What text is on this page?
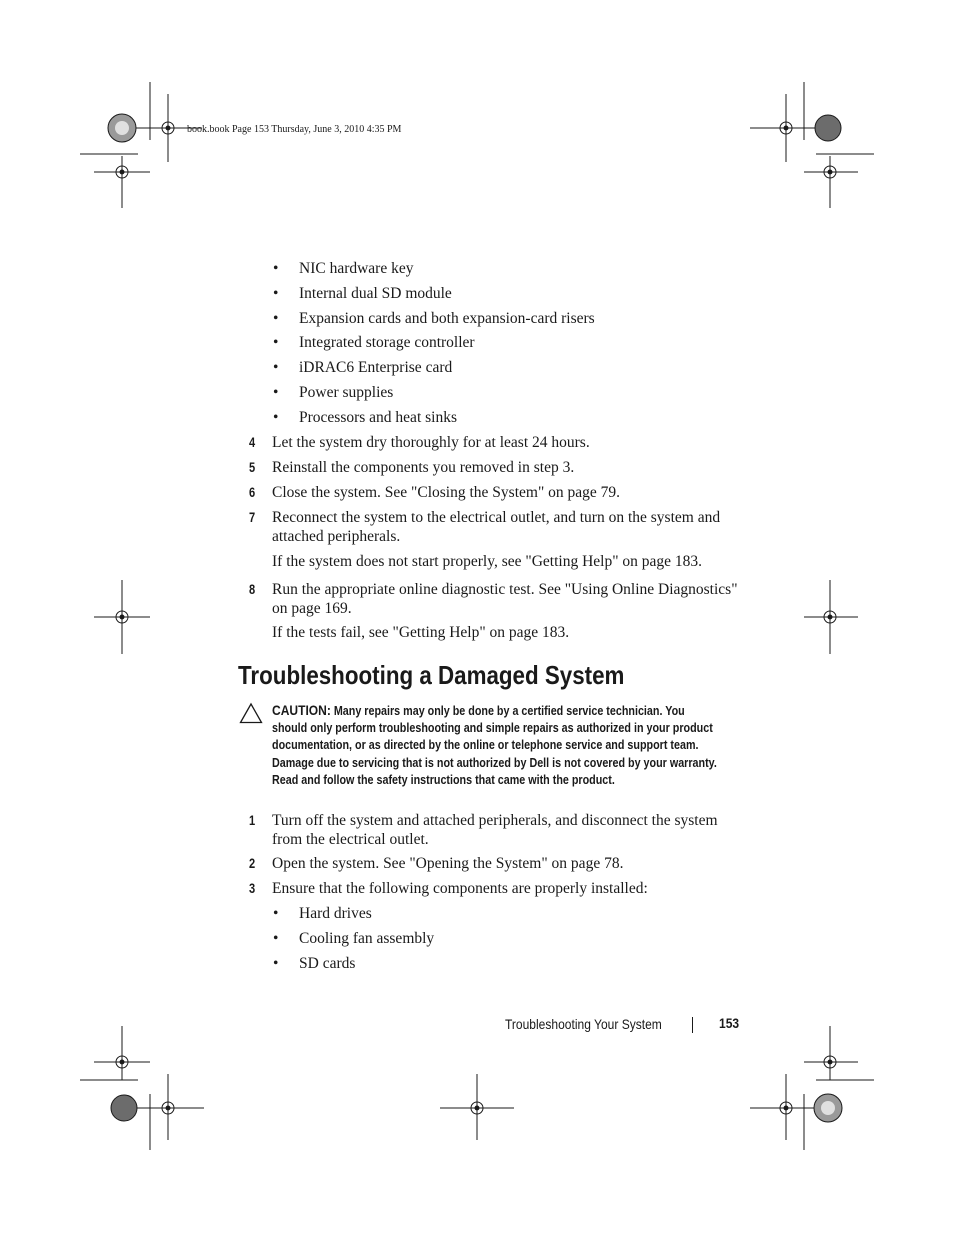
book.book Page 153 Thursday, June 3, 2010 4:35 PM
• NIC hardware key
• Internal dual SD module
• Expansion cards and both expansion-card risers
• Integrated storage controller
• iDRAC6 Enterprise card
• Power supplies
• Processors and heat sinks
4 Let the system dry thoroughly for at least 24 hours.
5 Reinstall the components you removed in step 3.
6 Close the system. See "Closing the System" on page 79.
7 Reconnect the system to the electrical outlet, and turn on the system and attached peripherals.
If the system does not start properly, see "Getting Help" on page 183.
8 Run the appropriate online diagnostic test. See "Using Online Diagnostics" on page 169.
If the tests fail, see "Getting Help" on page 183.
Troubleshooting a Damaged System
CAUTION: Many repairs may only be done by a certified service technician. You should only perform troubleshooting and simple repairs as authorized in your product documentation, or as directed by the online or telephone service and support team. Damage due to servicing that is not authorized by Dell is not covered by your warranty. Read and follow the safety instructions that came with the product.
1 Turn off the system and attached peripherals, and disconnect the system from the electrical outlet.
2 Open the system. See "Opening the System" on page 78.
3 Ensure that the following components are properly installed:
• Hard drives
• Cooling fan assembly
• SD cards
Troubleshooting Your System	153
